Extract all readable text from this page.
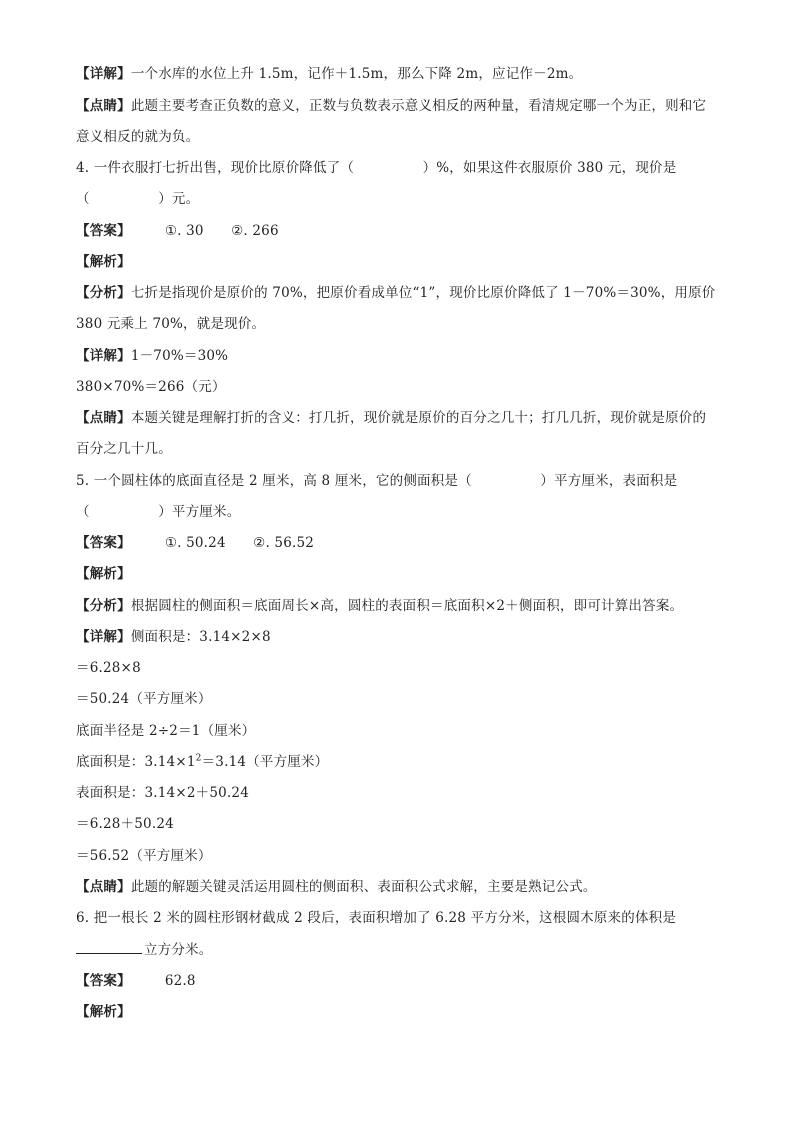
【详解】一个水库的水位上升 1.5m，记作＋1.5m，那么下降 2m，应记作－2m。
【点睛】此题主要考查正负数的意义，正数与负数表示意义相反的两种量，看清规定哪一个为正，则和它
意义相反的就为负。
4. 一件衣服打七折出售，现价比原价降低了（　　　　　）%，如果这件衣服原价 380 元，现价是
（　　　　　）元。
【答案】	①. 30　　②. 266
【解析】
【分析】七折是指现价是原价的 70%，把原价看成单位“1”，现价比原价降低了 1－70%＝30%，用原价
380 元乘上 70%，就是现价。
【详解】1－70%＝30%
380×70%＝266（元）
【点睛】本题关键是理解打折的含义：打几折，现价就是原价的百分之几十；打几几折，现价就是原价的
百分之几十几。
5. 一个圆柱体的底面直径是 2 厘米，高 8 厘米，它的侧面积是（　　　　　）平方厘米，表面积是
（　　　　　）平方厘米。
【答案】	①. 50.24　　②. 56.52
【解析】
【分析】根据圆柱的侧面积＝底面周长×高，圆柱的表面积＝底面积×2＋侧面积，即可计算出答案。
【详解】侧面积是：3.14×2×8
＝6.28×8
＝50.24（平方厘米）
底面半径是 2÷2＝1（厘米）
底面积是：$3.14\times 1^2=3.14$（平方厘米）
表面积是：3.14×2＋50.24
＝6.28＋50.24
＝56.52（平方厘米）
【点睛】此题的解题关键灵活运用圆柱的侧面积、表面积公式求解，主要是熟记公式。
6. 把一根长 2 米的圆柱形钢材截成 2 段后，表面积增加了 6.28 平方分米，这根圆木原来的体积是
立方分米。
【答案】	62.8
【解析】
